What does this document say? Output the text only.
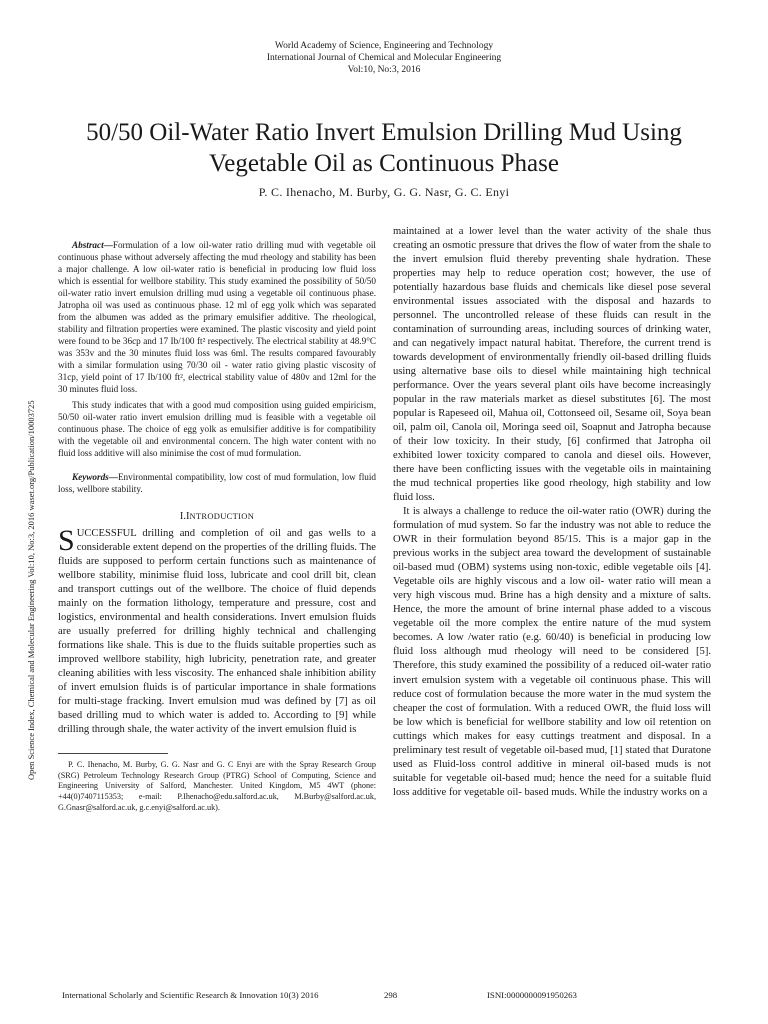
World Academy of Science, Engineering and Technology
International Journal of Chemical and Molecular Engineering
Vol:10, No:3, 2016
50/50 Oil-Water Ratio Invert Emulsion Drilling Mud Using Vegetable Oil as Continuous Phase
P. C. Ihenacho, M. Burby, G. G. Nasr, G. C. Enyi
Open Science Index, Chemical and Molecular Engineering Vol:10, No:3, 2016 waset.org/Publication/10003725

Abstract—Formulation of a low oil-water ratio drilling mud with vegetable oil continuous phase without adversely affecting the mud rheology and stability has been a major challenge. A low oil-water ratio is beneficial in producing low fluid loss which is essential for wellbore stability. This study examined the possibility of 50/50 oil-water ratio invert emulsion drilling mud using a vegetable oil continuous phase. Jatropha oil was used as continuous phase. 12 ml of egg yolk which was separated from the albumen was added as the primary emulsifier additive. The rheological, stability and filtration properties were examined. The plastic viscosity and yield point were found to be 36cp and 17 Ib/100 ft² respectively. The electrical stability at 48.9°C was 353v and the 30 minutes fluid loss was 6ml. The results compared favourably with a similar formulation using 70/30 oil - water ratio giving plastic viscosity of 31cp, yield point of 17 Ib/100 ft², electrical stability value of 480v and 12ml for the 30 minutes fluid loss.

This study indicates that with a good mud composition using guided empiricism, 50/50 oil-water ratio invert emulsion drilling mud is feasible with a vegetable oil continuous phase. The choice of egg yolk as emulsifier additive is for compatibility with the vegetable oil and environmental concern. The high water content with no fluid loss additive will also minimise the cost of mud formulation.

Keywords—Environmental compatibility, low cost of mud formulation, low fluid loss, wellbore stability.

I.INTRODUCTION

SUCCESSFUL drilling and completion of oil and gas wells to a considerable extent depend on the properties of the drilling fluids. The fluids are supposed to perform certain functions such as maintenance of wellbore stability, minimise fluid loss, lubricate and cool drill bit, clean and transport cuttings out of the wellbore. The choice of fluid depends mainly on the formation lithology, temperature and pressure, cost and logistics, environmental and health considerations. Invert emulsion fluids are usually preferred for drilling highly technical and challenging formations like shale. This is due to the fluids suitable properties such as improved wellbore stability, high lubricity, penetration rate, and greater cleaning abilities with less viscosity. The enhanced shale inhibition ability of invert emulsion fluids is of particular importance in shale formations for multi-stage fracking. Invert emulsion mud was defined by [7] as oil based drilling mud to which water is added to. According to [9] while drilling through shale, the water activity of the invert emulsion fluid is

P. C. Ihenacho, M. Burby, G. G. Nasr and G. C Enyi are with the Spray Research Group (SRG) Petroleum Technology Research Group (PTRG) School of Computing, Science and Engineering University of Salford, Manchester. United Kingdom, M5 4WT (phone: +44(0)7407115353; e-mail: P.Ihenacho@edu.salford.ac.uk, M.Burby@salford.ac.uk, G.Gnasr@salford.ac.uk, g.c.enyi@salford.ac.uk).

maintained at a lower level than the water activity of the shale thus creating an osmotic pressure that drives the flow of water from the shale to the invert emulsion fluid thereby preventing shale hydration. These properties may help to reduce operation cost; however, the use of potentially hazardous base fluids and chemicals like diesel pose several environmental issues associated with the disposal and hazards to personnel. The uncontrolled release of these fluids can result in the contamination of surrounding areas, including sources of drinking water, and can negatively impact natural habitat. Therefore, the current trend is towards development of environmentally friendly oil-based drilling fluids using alternative base oils to diesel while maintaining high technical performance. Over the years several plant oils have become increasingly popular in the raw materials market as diesel substitutes [6]. The most popular is Rapeseed oil, Mahua oil, Cottonseed oil, Sesame oil, Soya bean oil, palm oil, Canola oil, Moringa seed oil, Soapnut and Jatropha because of their low toxicity. In their study, [6] confirmed that Jatropha oil exhibited lower toxicity compared to canola and diesel oils. However, there have been conflicting issues with the vegetable oils in maintaining the mud technical properties like good rheology, high stability and low fluid loss.

It is always a challenge to reduce the oil-water ratio (OWR) during the formulation of mud system. So far the industry was not able to reduce the OWR in their formulation beyond 85/15. This is a major gap in the previous works in the subject area toward the development of sustainable oil-based mud (OBM) systems using non-toxic, edible vegetable oils [4]. Vegetable oils are highly viscous and a low oil- water ratio will mean a very high viscous mud. Brine has a high density and a mixture of salts. Hence, the more the amount of brine internal phase added to a viscous vegetable oil the more complex the entire nature of the mud system becomes. A low /water ratio (e.g. 60/40) is beneficial in producing low fluid loss although mud rheology will need to be considered [5]. Therefore, this study examined the possibility of a reduced oil-water ratio invert emulsion system with a vegetable oil continuous phase. This will reduce cost of formulation because the more water in the mud system the cheaper the cost of formulation. With a reduced OWR, the fluid loss will be low which is beneficial for wellbore stability and low oil retention on cuttings which makes for easy cuttings treatment and disposal. In a preliminary test result of vegetable oil-based mud, [1] stated that Duratone used as Fluid-loss control additive in mineral oil-based muds is not suitable for vegetable oil-based mud; hence the need for a suitable fluid loss additive for vegetable oil- based muds. While the industry works on a

International Scholarly and Scientific Research & Innovation 10(3) 2016	298	ISNI:0000000091950263
